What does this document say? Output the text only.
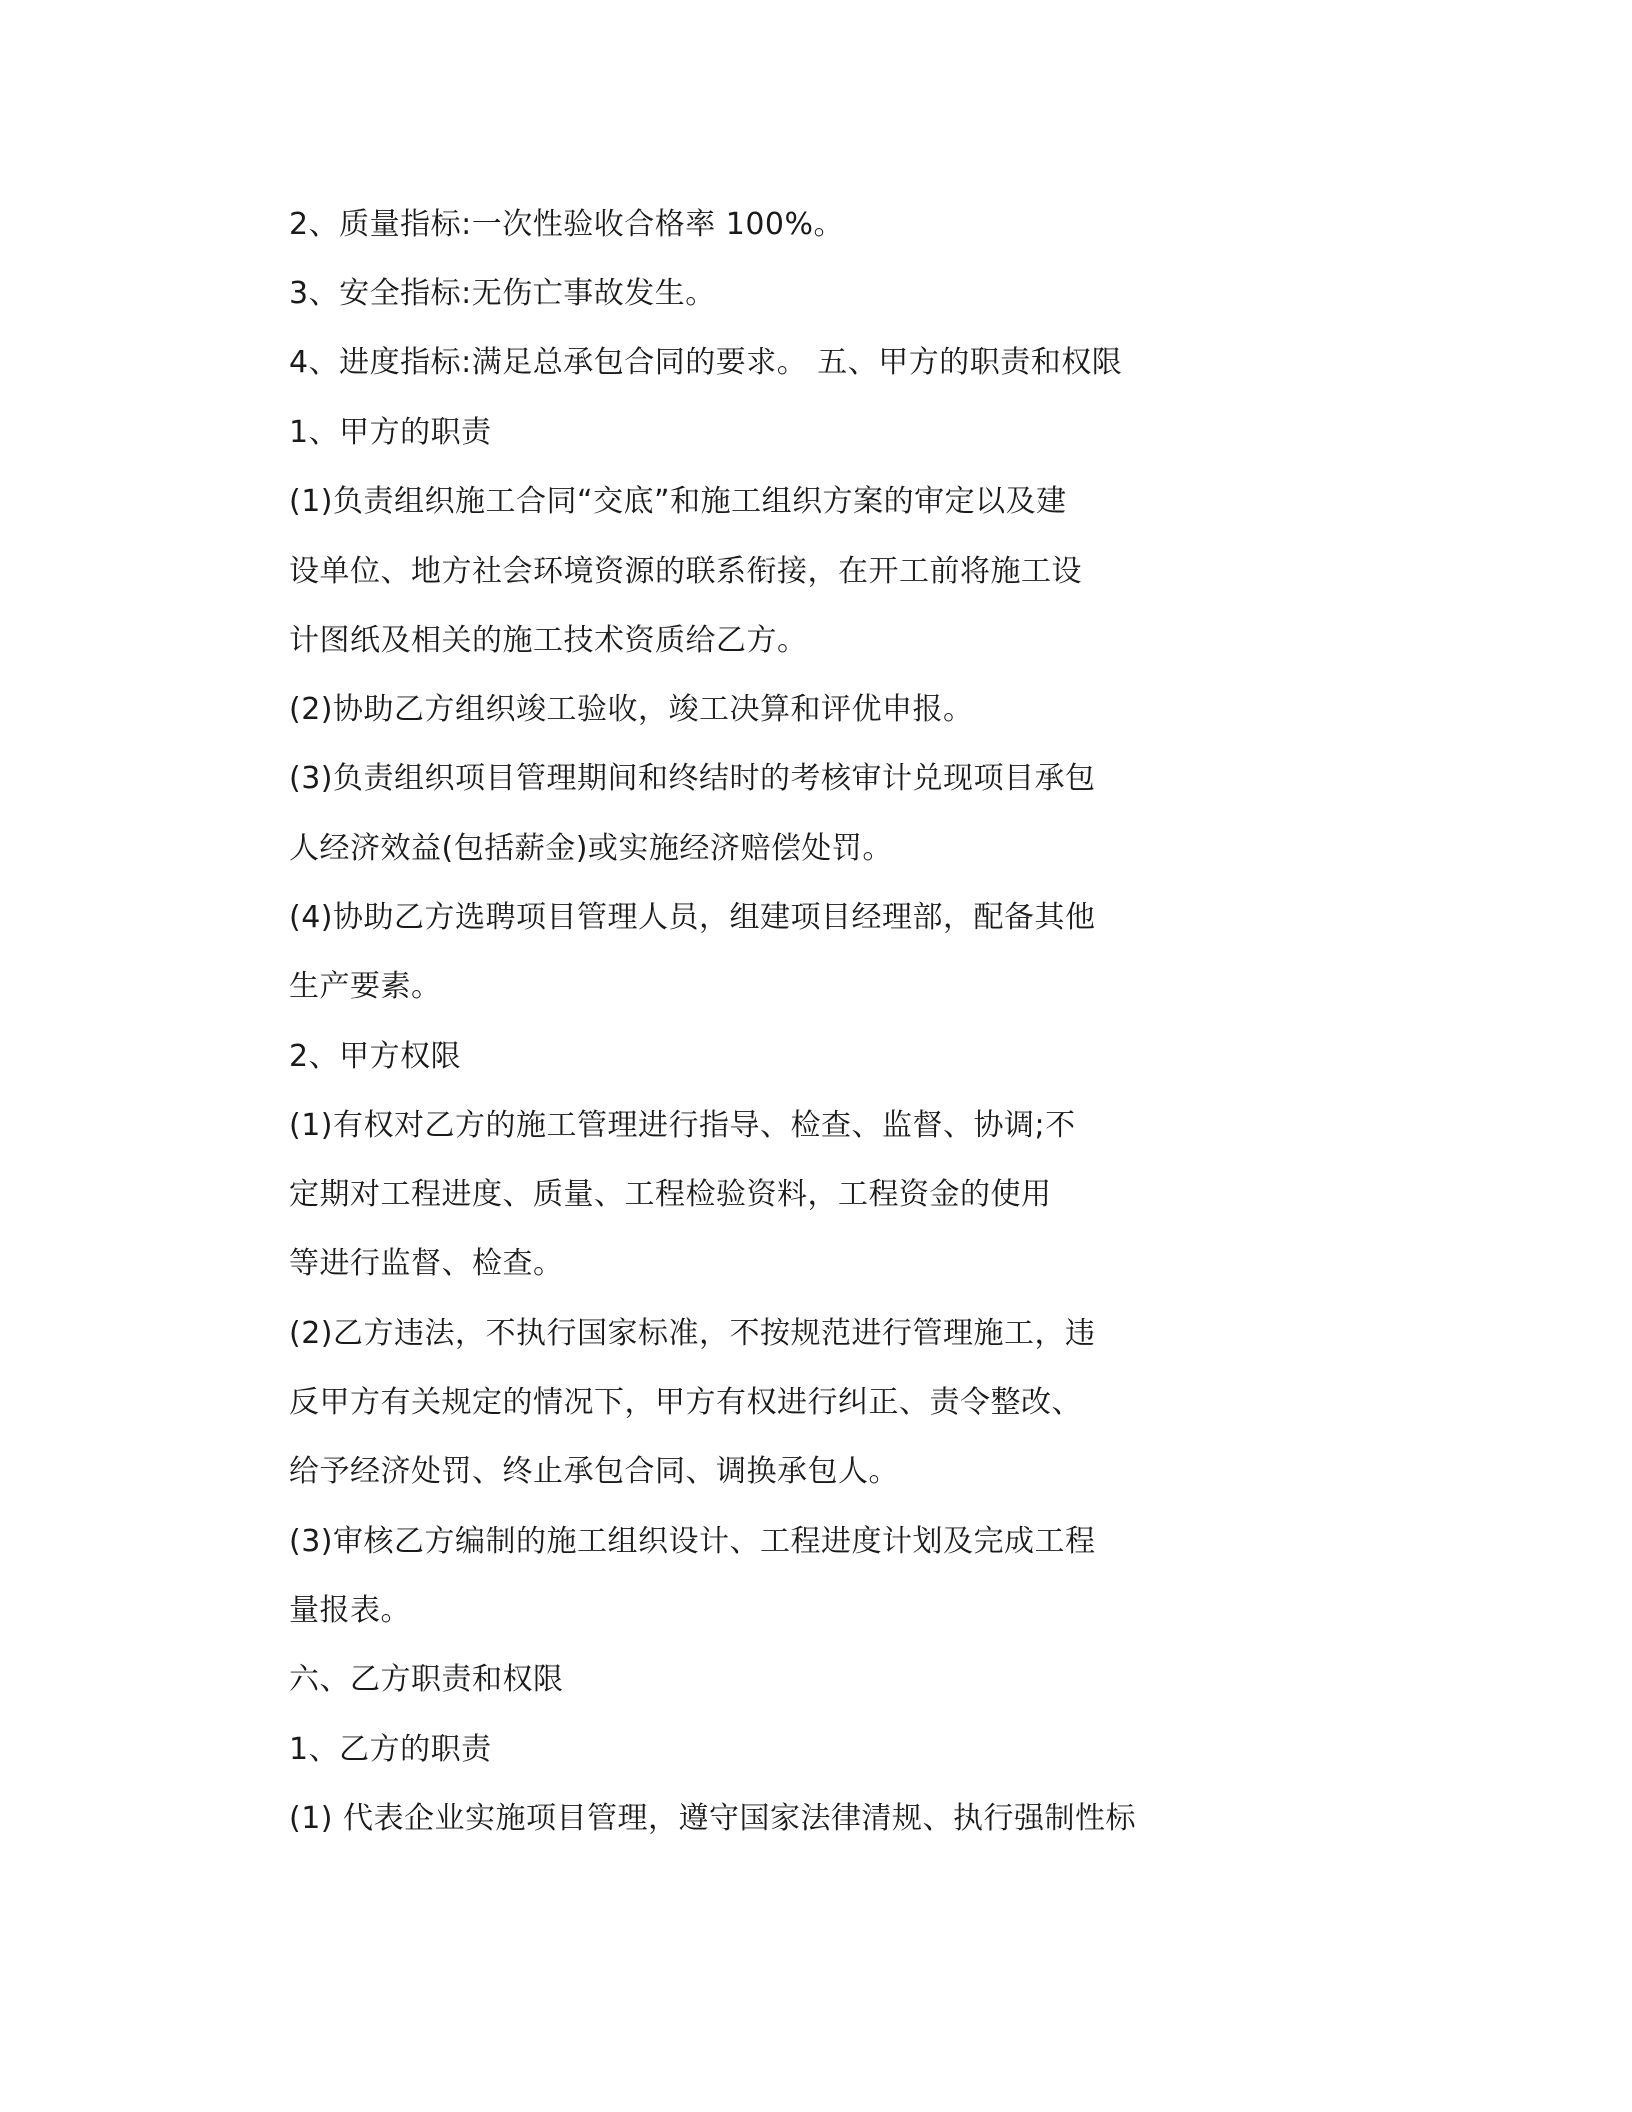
2、质量指标:一次性验收合格率 100%。
3、安全指标:无伤亡事故发生。
4、进度指标:满足总承包合同的要求。 五、甲方的职责和权限
1、甲方的职责
(1)负责组织施工合同“交底”和施工组织方案的审定以及建
设单位、地方社会环境资源的联系衔接，在开工前将施工设
计图纸及相关的施工技术资质给乙方。
(2)协助乙方组织竣工验收，竣工决算和评优申报。
(3)负责组织项目管理期间和终结时的考核审计兑现项目承包
人经济效益(包括薪金)或实施经济赔偿处罚。
(4)协助乙方选聘项目管理人员，组建项目经理部，配备其他
生产要素。
2、甲方权限
(1)有权对乙方的施工管理进行指导、检查、监督、协调;不
定期对工程进度、质量、工程检验资料，工程资金的使用
等进行监督、检查。
(2)乙方违法，不执行国家标准，不按规范进行管理施工，违
反甲方有关规定的情况下，甲方有权进行纠正、责令整改、
给予经济处罚、终止承包合同、调换承包人。
(3)审核乙方编制的施工组织设计、工程进度计划及完成工程
量报表。
六、乙方职责和权限
1、乙方的职责
(1) 代表企业实施项目管理，遵守国家法律清规、执行强制性标
